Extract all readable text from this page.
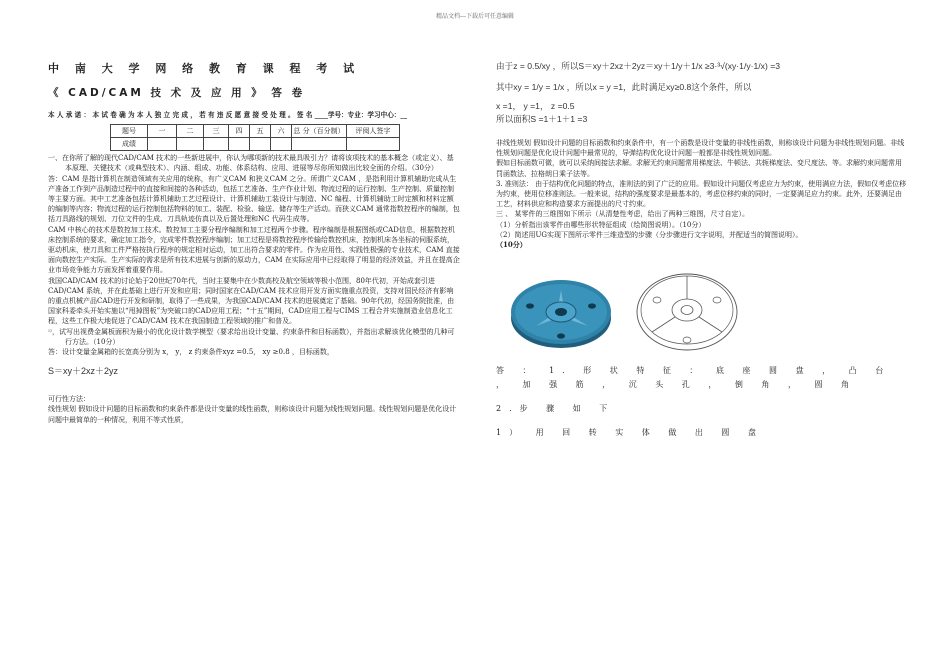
精品文档---下载后可任意编辑
中 南 大 学 网 络 教 育 课 程 考 试
《 CAD/CAM 技 术 及 应 用 》 答 卷
本 人 承 诺 ： 本 试 卷 确 为 本 人 独 立 完 成 ， 若 有 违 反 愿 意 接 受 处 理 。 签 名 ____学号：专业：学习中心：__
题号	一	二	三	四	五	六	总 分（百分制）	评阅人签字
成绩								

一、在你所了解的现代CAD/CAM 技术的一些新进展中，你认为哪项新的技术最具吸引力？请将该项技术的基本概念（或定义）、基本原理、关键技术（或典型技术）、内涵、组成、功能、体系结构、应用、进展等尽你所知做出比较全面的介绍。（30分）

答：CAM 是指计算机在制造领域有关应用的统称，有广义CAM 和狭义CAM 之分。所谓广义CAM ，是指利用计算机辅助完成从生产准备工作到产品制造过程中的直接和间接的各种活动，包括工艺准备、生产作业计划、物流过程的运行控制、生产控制、质量控制等主要方面。其中工艺准备包括计算机辅助工艺过程设计、计算机辅助工装设计与制造、NC 编程、计算机辅助工时定额和材料定额的编制等内容；物流过程的运行控制包括物料的加工、装配、检验、输送、储存等生产活动。而狭义CAM 通常指数控程序的编制，包括刀具路线的规划、刀位文件的生成、刀具轨迹仿真以及后置处理和NC 代码生成等。

CAM 中核心的技术是数控加工技术。数控加工主要分程序编制和加工过程两个步骤。程序编制是根据图纸或CAD信息，根据数控机床控制系统的要求，确定加工指令，完成零件数控程序编制；加工过程是将数控程序传输给数控机床，控制机床各坐标的伺服系统，驱动机床，使刀具和工件严格按执行程序的规定相对运动，加工出符合要求的零件。作为应用性、实践性极强的专业技术，CAM 直接面向数控生产实际。生产实际的需求是所有技术进展与创新的原动力，CAM 在实际应用中已经取得了明显的经济效益，并且在提高企业市场竞争能力方面发挥着重要作用。

我国CAD/CAM 技术的讨论始于20世纪70年代，当时主要集中在少数高校及航空领域等极小范围，80年代初，开始成套引进CAD/CAM 系统，并在此基础上进行开发和应用；同时国家在CAD/CAM 技术应用开发方面实施重点投资，支持对国民经济有影响的重点机械产品CAD进行开发和研制，取得了一些成果，为我国CAD/CAM 技术的进展奠定了基础。90年代初，经国务院批准，由国家科委牵头开始实施以“甩掉图板”为突破口的CAD应用工程；“十五”期间，CAD应用工程与CIMS 工程合并实施制造业信息化工程，这些工作极大地促进了CAD/CAM 技术在我国制造工程领域的推广和普及。

$^{^{12}}$，试写出视费金属板面积为最小的优化设计数学模型（要求给出设计变量、约束条件和目标函数），并指出求解该优化模型的几种可行方法。（10分）

答：设计变量金属箱的长宽高分别为 x， y， z 约束条件xyz =0.5， xy ≥0.8 ，目标函数，

S＝xy＋2xz＋2yz

可行性方法：

线性规划 假如设计问题的目标函数和约束条件都是设计变量的线性函数，则称该设计问题为线性规划问题。线性规划问题是优化设计问题中最简单的一种情况，利用不等式性质，

由于z = 0.5/xy ，所以S＝xy＋2xz＋2yz＝xy＋1/y＋1/x ≥3·³√(xy·1/y·1/x) =3

其中xy = 1/y = 1/x ，所以x = y =1，此时满足xy≥0.8这个条件，所以

x =1， y =1， z =0.5

所以面积S =1＋1＋1 =3

非线性规划 假如设计问题的目标函数和约束条件中，有一个函数是设计变量的非线性函数，则称该设计问题为非线性规划问题。非线性规划问题是优化设计问题中最常见的，导弹结构优化设计问题一般都是非线性规划问题。

假如目标函数可微，就可以采纳间接法求解。求解无约束问题常用梯度法、牛顿法、共轭梯度法、变尺度法、等。求解约束问题常用罚函数法、拉格朗日乘子法等。

3. 准则法： 由于结构优化问题的特点，准则法的到了广泛的应用。假如设计问题仅考虑应力为约束，使用满应力法，假如仅考虑位移为约束，使用位移准则法。一般来说，结构的强度要求是最基本的，考虑位移约束的同时，一定要满足应力约束。此外，还要满足由工艺，材料供应和构造要求方面提出的尺寸约束。

三 、 某零件的三维图如下所示（从清楚性考虑，给出了两种三维图，尺寸自定）。

（1）分析指出该零件由哪些形状特征组成（绘简图说明）。（10分）

（2）简述用UG实现下图所示零件三维造型的步骤（分步骤进行文字说明，并配适当的简图说明）。

（10分）

答 ： 1. 形 状 特 征 ： 底 座 圆 盘 ， 凸 台 ， 加 强 筋 ， 沉 头 孔 ， 倒 角 ， 圆 角

2.步 骤 如 下

1） 用 回 转 实 体 做 出 圆 盘
